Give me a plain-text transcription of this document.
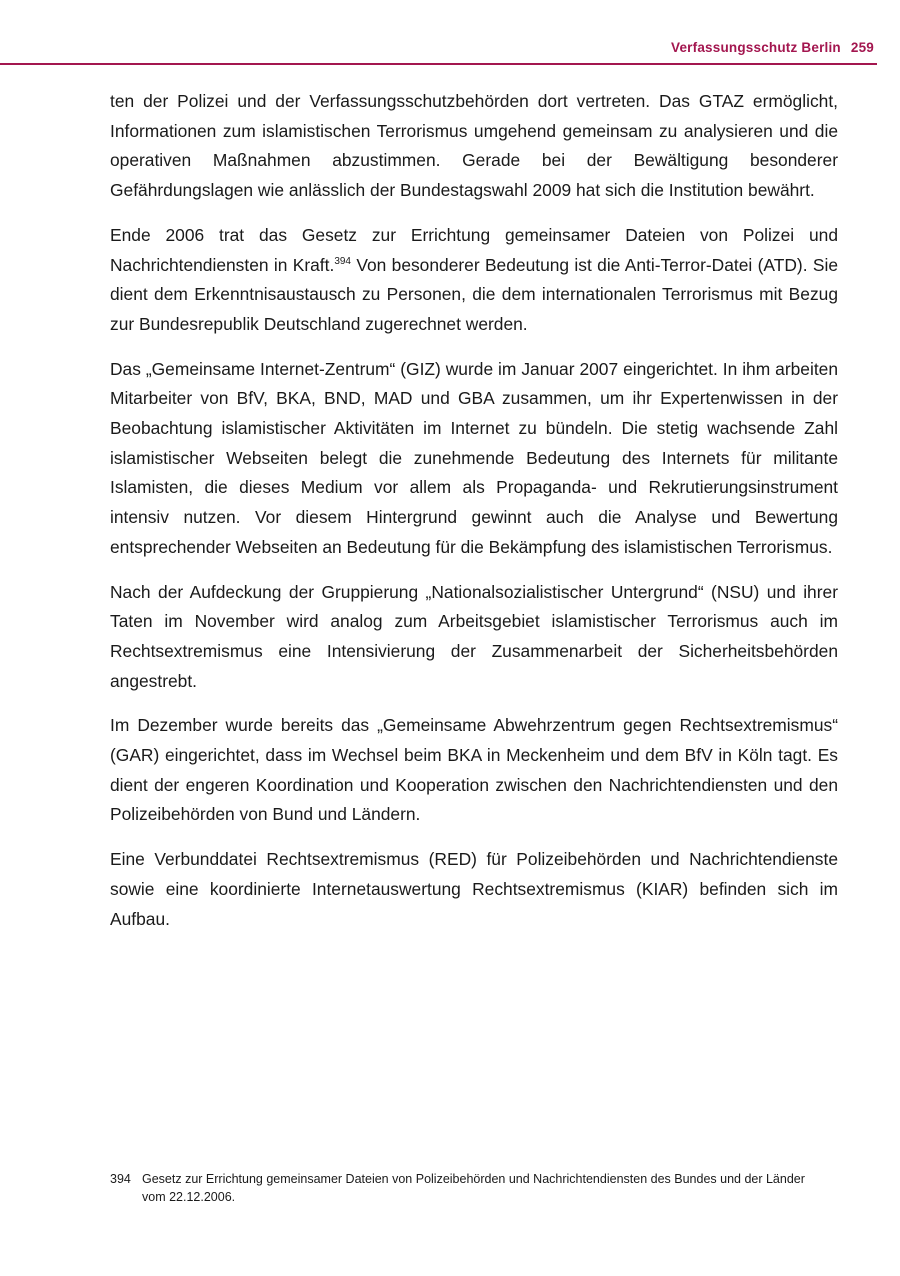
Verfassungsschutz Berlin 259

ten der Polizei und der Verfassungsschutzbehörden dort vertreten. Das GTAZ ermöglicht, Informationen zum islamistischen Terrorismus umgehend gemeinsam zu analysieren und die operativen Maßnahmen abzustimmen. Gerade bei der Bewältigung besonderer Gefährdungslagen wie anlässlich der Bundestagswahl 2009 hat sich die Institution bewährt.

Ende 2006 trat das Gesetz zur Errichtung gemeinsamer Dateien von Polizei und Nachrichtendiensten in Kraft.$^{394}$ Von besonderer Bedeutung ist die Anti-Terror-Datei (ATD). Sie dient dem Erkenntnisaustausch zu Personen, die dem internationalen Terrorismus mit Bezug zur Bundesrepublik Deutschland zugerechnet werden.

Das „Gemeinsame Internet-Zentrum“ (GIZ) wurde im Januar 2007 eingerichtet. In ihm arbeiten Mitarbeiter von BfV, BKA, BND, MAD und GBA zusammen, um ihr Expertenwissen in der Beobachtung islamistischer Aktivitäten im Internet zu bündeln. Die stetig wachsende Zahl islamistischer Webseiten belegt die zunehmende Bedeutung des Internets für militante Islamisten, die dieses Medium vor allem als Propaganda- und Rekrutierungsinstrument intensiv nutzen. Vor diesem Hintergrund gewinnt auch die Analyse und Bewertung entsprechender Webseiten an Bedeutung für die Bekämpfung des islamistischen Terrorismus.

Nach der Aufdeckung der Gruppierung „Nationalsozialistischer Untergrund“ (NSU) und ihrer Taten im November wird analog zum Arbeitsgebiet islamistischer Terrorismus auch im Rechtsextremismus eine Intensivierung der Zusammenarbeit der Sicherheitsbehörden angestrebt.

Im Dezember wurde bereits das „Gemeinsame Abwehrzentrum gegen Rechtsextremismus“ (GAR) eingerichtet, dass im Wechsel beim BKA in Meckenheim und dem BfV in Köln tagt. Es dient der engeren Koordination und Kooperation zwischen den Nachrichtendiensten und den Polizeibehörden von Bund und Ländern.

Eine Verbunddatei Rechtsextremismus (RED) für Polizeibehörden und Nachrichtendienste sowie eine koordinierte Internetauswertung Rechtsextremismus (KIAR) befinden sich im Aufbau.

394 Gesetz zur Errichtung gemeinsamer Dateien von Polizeibehörden und Nachrichtendiensten des Bundes und der Länder vom 22.12.2006.
